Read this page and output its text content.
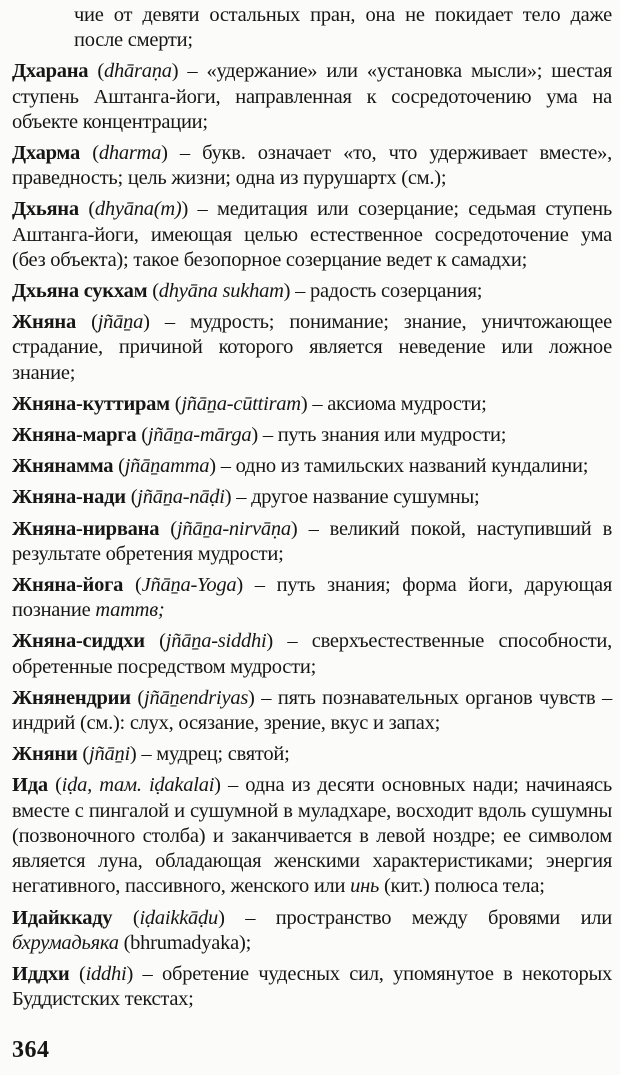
чие от девяти остальных пран, она не покидает тело даже после смерти;

Дхарана (dhāraṇa) – «удержание» или «установка мысли»; шестая ступень Аштанга-йоги, направленная к сосредоточению ума на объекте концентрации;

Дхарма (dharma) – букв. означает «то, что удерживает вместе», праведность; цель жизни; одна из пурушартх (см.);

Дхьяна (dhyāna(m)) – медитация или созерцание; седьмая ступень Аштанга-йоги, имеющая целью естественное сосредоточение ума (без объекта); такое безопорное созерцание ведет к самадхи;

Дхьяна сукхам (dhyāna sukham) – радость созерцания;

Жняна (jñāṉa) – мудрость; понимание; знание, уничтожающее страдание, причиной которого является неведение или ложное знание;

Жняна-куттирам (jñāṉa-cūttiram) – аксиома мудрости;

Жняна-марга (jñāṉa-mārga) – путь знания или мудрости;

Жнянамма (jñāṉamma) – одно из тамильских названий кундалини;

Жняна-нади (jñāṉa-nāḍi) – другое название сушумны;

Жняна-нирвана (jñāṉa-nirvāṇa) – великий покой, наступивший в результате обретения мудрости;

Жняна-йога (Jñāṉa-Yoga) – путь знания; форма йоги, дарующая познание таттв;

Жняна-сиддхи (jñāṉa-siddhi) – сверхъестественные способности, обретенные посредством мудрости;

Жнянендрии (jñāṉendriyas) – пять познавательных органов чувств – индрий (см.): слух, осязание, зрение, вкус и запах;

Жняни (jñāṉi) – мудрец; святой;

Ида (iḍa, там. iḍakalai) – одна из десяти основных нади; начинаясь вместе с пингалой и сушумной в муладхаре, восходит вдоль сушумны (позвоночного столба) и заканчивается в левой ноздре; ее символом является луна, обладающая женскими характеристиками; энергия негативного, пассивного, женского или инь (кит.) полюса тела;

Идайккаду (iḍaikkāḍu) – пространство между бровями или бхрумадьяка (bhrumadyaka);

Иддхи (iddhi) – обретение чудесных сил, упомянутое в некоторых Буддистских текстах;

364
